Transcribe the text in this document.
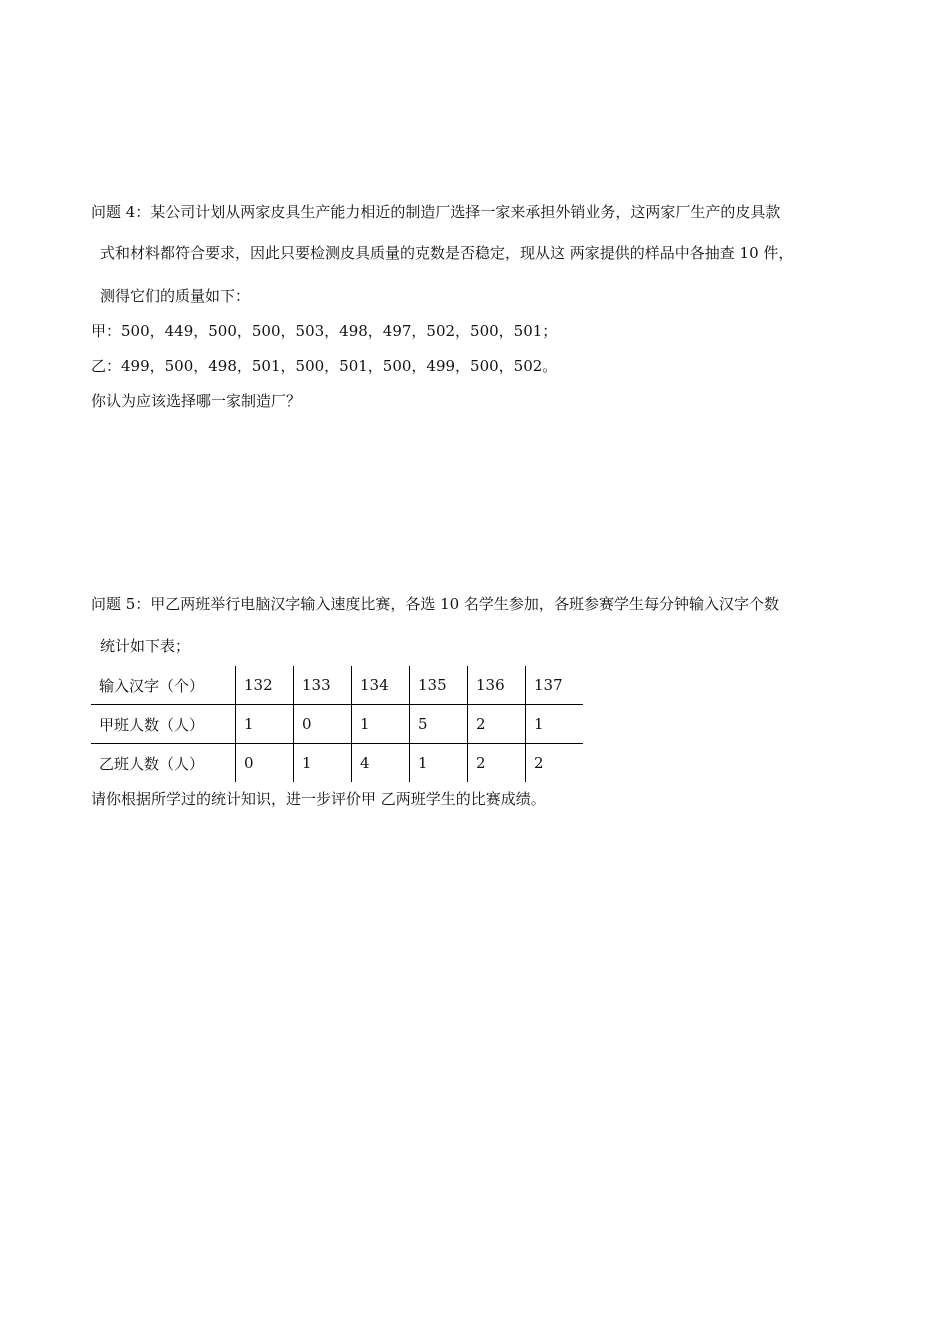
问题 4：某公司计划从两家皮具生产能力相近的制造厂选择一家来承担外销业务，这两家厂生产的皮具款
式和材料都符合要求，因此只要检测皮具质量的克数是否稳定，现从这 两家提供的样品中各抽查 10 件，
测得它们的质量如下：
甲：500，449，500，500，503，498，497，502，500，501；
乙：499，500，498，501，500，501，500，499，500，502。
你认为应该选择哪一家制造厂？
问题 5：甲乙两班举行电脑汉字输入速度比赛，各选 10 名学生参加，各班参赛学生每分钟输入汉字个数
统计如下表；
输入汉字（个）	132	133	134	135	136	137
甲班人数（人）	1	0	1	5	2	1
乙班人数（人）	0	1	4	1	2	2
请你根据所学过的统计知识，进一步评价甲 乙两班学生的比赛成绩。
